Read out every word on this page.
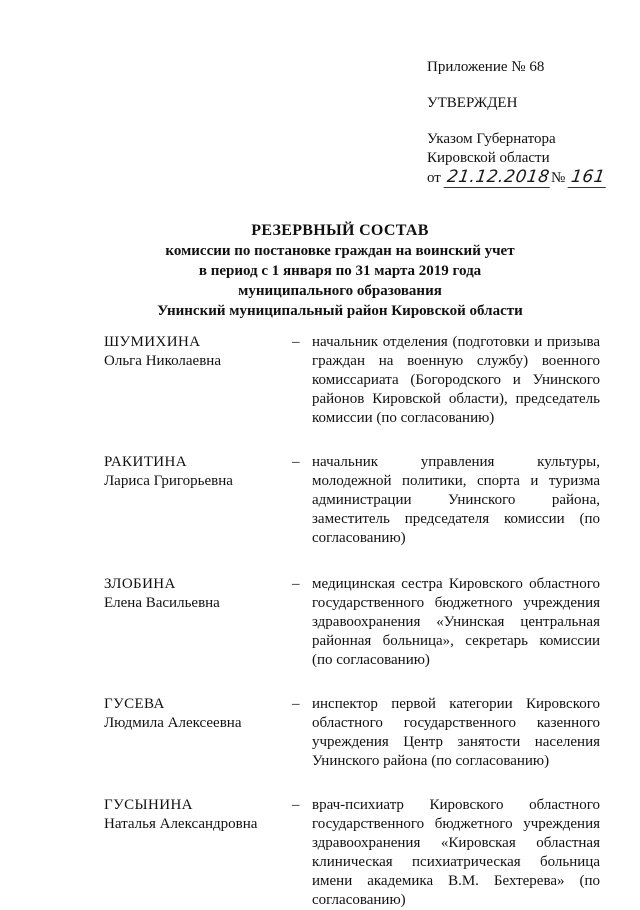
Приложение № 68
УТВЕРЖДЕН
Указом Губернатора
Кировской области
от 21.12.2018№ 161
РЕЗЕРВНЫЙ СОСТАВ
комиссии по постановке граждан на воинский учет
в период с 1 января по 31 марта 2019 года
муниципального образования
Унинский муниципальный район Кировской области
ШУМИХИНА
Ольга Николаевна
– начальник отделения (подготовки и призыва граждан на военную службу) военного комиссариата (Богородского и Унинского районов Кировской области), председатель комиссии (по согласованию)
РАКИТИНА
Лариса Григорьевна
– начальник управления культуры, молодежной политики, спорта и туризма администрации Унинского района, заместитель председателя комиссии (по согласованию)
ЗЛОБИНА
Елена Васильевна
– медицинская сестра Кировского областного государственного бюджетного учреждения здравоохранения «Унинская центральная районная больница», секретарь комиссии (по согласованию)
ГУСЕВА
Людмила Алексеевна
– инспектор первой категории Кировского областного государственного казенного учреждения Центр занятости населения Унинского района (по согласованию)
ГУСЫНИНА
Наталья Александровна
– врач-психиатр Кировского областного государственного бюджетного учреждения здравоохранения «Кировская областная клиническая психиатрическая больница имени академика В.М. Бехтерева» (по согласованию)
